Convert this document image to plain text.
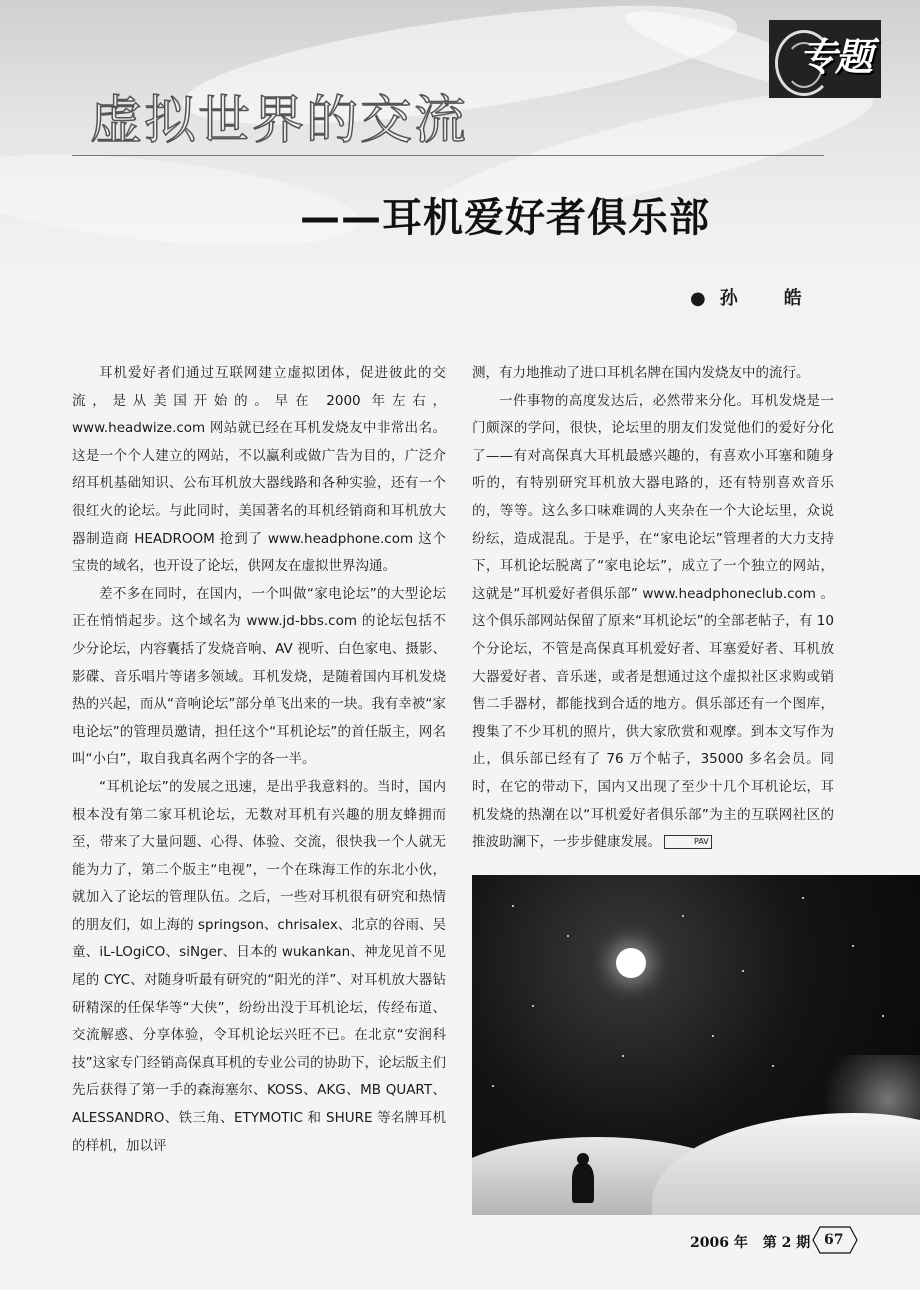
专题
虚拟世界的交流
——耳机爱好者俱乐部
●孙　皓

耳机爱好者们通过互联网建立虚拟团体，促进彼此的交流，是从美国开始的。早在 2000 年左右，www.headwize.com 网站就已经在耳机发烧友中非常出名。这是一个个人建立的网站，不以赢利或做广告为目的，广泛介绍耳机基础知识、公布耳机放大器线路和各种实验，还有一个很红火的论坛。与此同时，美国著名的耳机经销商和耳机放大器制造商 HEADROOM 抢到了 www.headphone.com 这个宝贵的域名，也开设了论坛，供网友在虚拟世界沟通。

差不多在同时，在国内，一个叫做“家电论坛”的大型论坛正在悄悄起步。这个域名为 www.jd-bbs.com 的论坛包括不少分论坛，内容囊括了发烧音响、AV 视听、白色家电、摄影、影碟、音乐唱片等诸多领域。耳机发烧，是随着国内耳机发烧热的兴起，而从“音响论坛”部分单飞出来的一块。我有幸被“家电论坛”的管理员邀请，担任这个“耳机论坛”的首任版主，网名叫“小白”，取自我真名两个字的各一半。

“耳机论坛”的发展之迅速，是出乎我意料的。当时，国内根本没有第二家耳机论坛，无数对耳机有兴趣的朋友蜂拥而至，带来了大量问题、心得、体验、交流，很快我一个人就无能为力了，第二个版主“电视”，一个在珠海工作的东北小伙，就加入了论坛的管理队伍。之后，一些对耳机很有研究和热情的朋友们，如上海的 springson、chrisalex、北京的谷雨、吴童、iL-LOgiCO、siNger、日本的 wukankan、神龙见首不见尾的 CYC、对随身听最有研究的“阳光的洋”、对耳机放大器钻研精深的任保华等“大侠”，纷纷出没于耳机论坛，传经布道、交流解惑、分享体验，令耳机论坛兴旺不已。在北京“安润科技”这家专门经销高保真耳机的专业公司的协助下，论坛版主们先后获得了第一手的森海塞尔、KOSS、AKG、MB QUART、ALESSANDRO、铁三角、ETYMOTIC 和 SHURE 等名牌耳机的样机，加以评

测，有力地推动了进口耳机名牌在国内发烧友中的流行。

一件事物的高度发达后，必然带来分化。耳机发烧是一门颇深的学问，很快，论坛里的朋友们发觉他们的爱好分化了——有对高保真大耳机最感兴趣的，有喜欢小耳塞和随身听的，有特别研究耳机放大器电路的，还有特别喜欢音乐的，等等。这么多口味难调的人夹杂在一个大论坛里，众说纷纭，造成混乱。于是乎，在“家电论坛”管理者的大力支持下，耳机论坛脱离了“家电论坛”，成立了一个独立的网站，这就是“耳机爱好者俱乐部” www.headphoneclub.com 。这个俱乐部网站保留了原来“耳机论坛”的全部老帖子，有 10 个分论坛，不管是高保真耳机爱好者、耳塞爱好者、耳机放大器爱好者、音乐迷，或者是想通过这个虚拟社区求购或销售二手器材，都能找到合适的地方。俱乐部还有一个图库，搜集了不少耳机的照片，供大家欣赏和观摩。到本文写作为止，俱乐部已经有了 76 万个帖子，35000 多名会员。同时，在它的带动下，国内又出现了至少十几个耳机论坛，耳机发烧的热潮在以“耳机爱好者俱乐部”为主的互联网社区的推波助澜下，一步步健康发展。	PAV

2006 年 第 2 期 67
